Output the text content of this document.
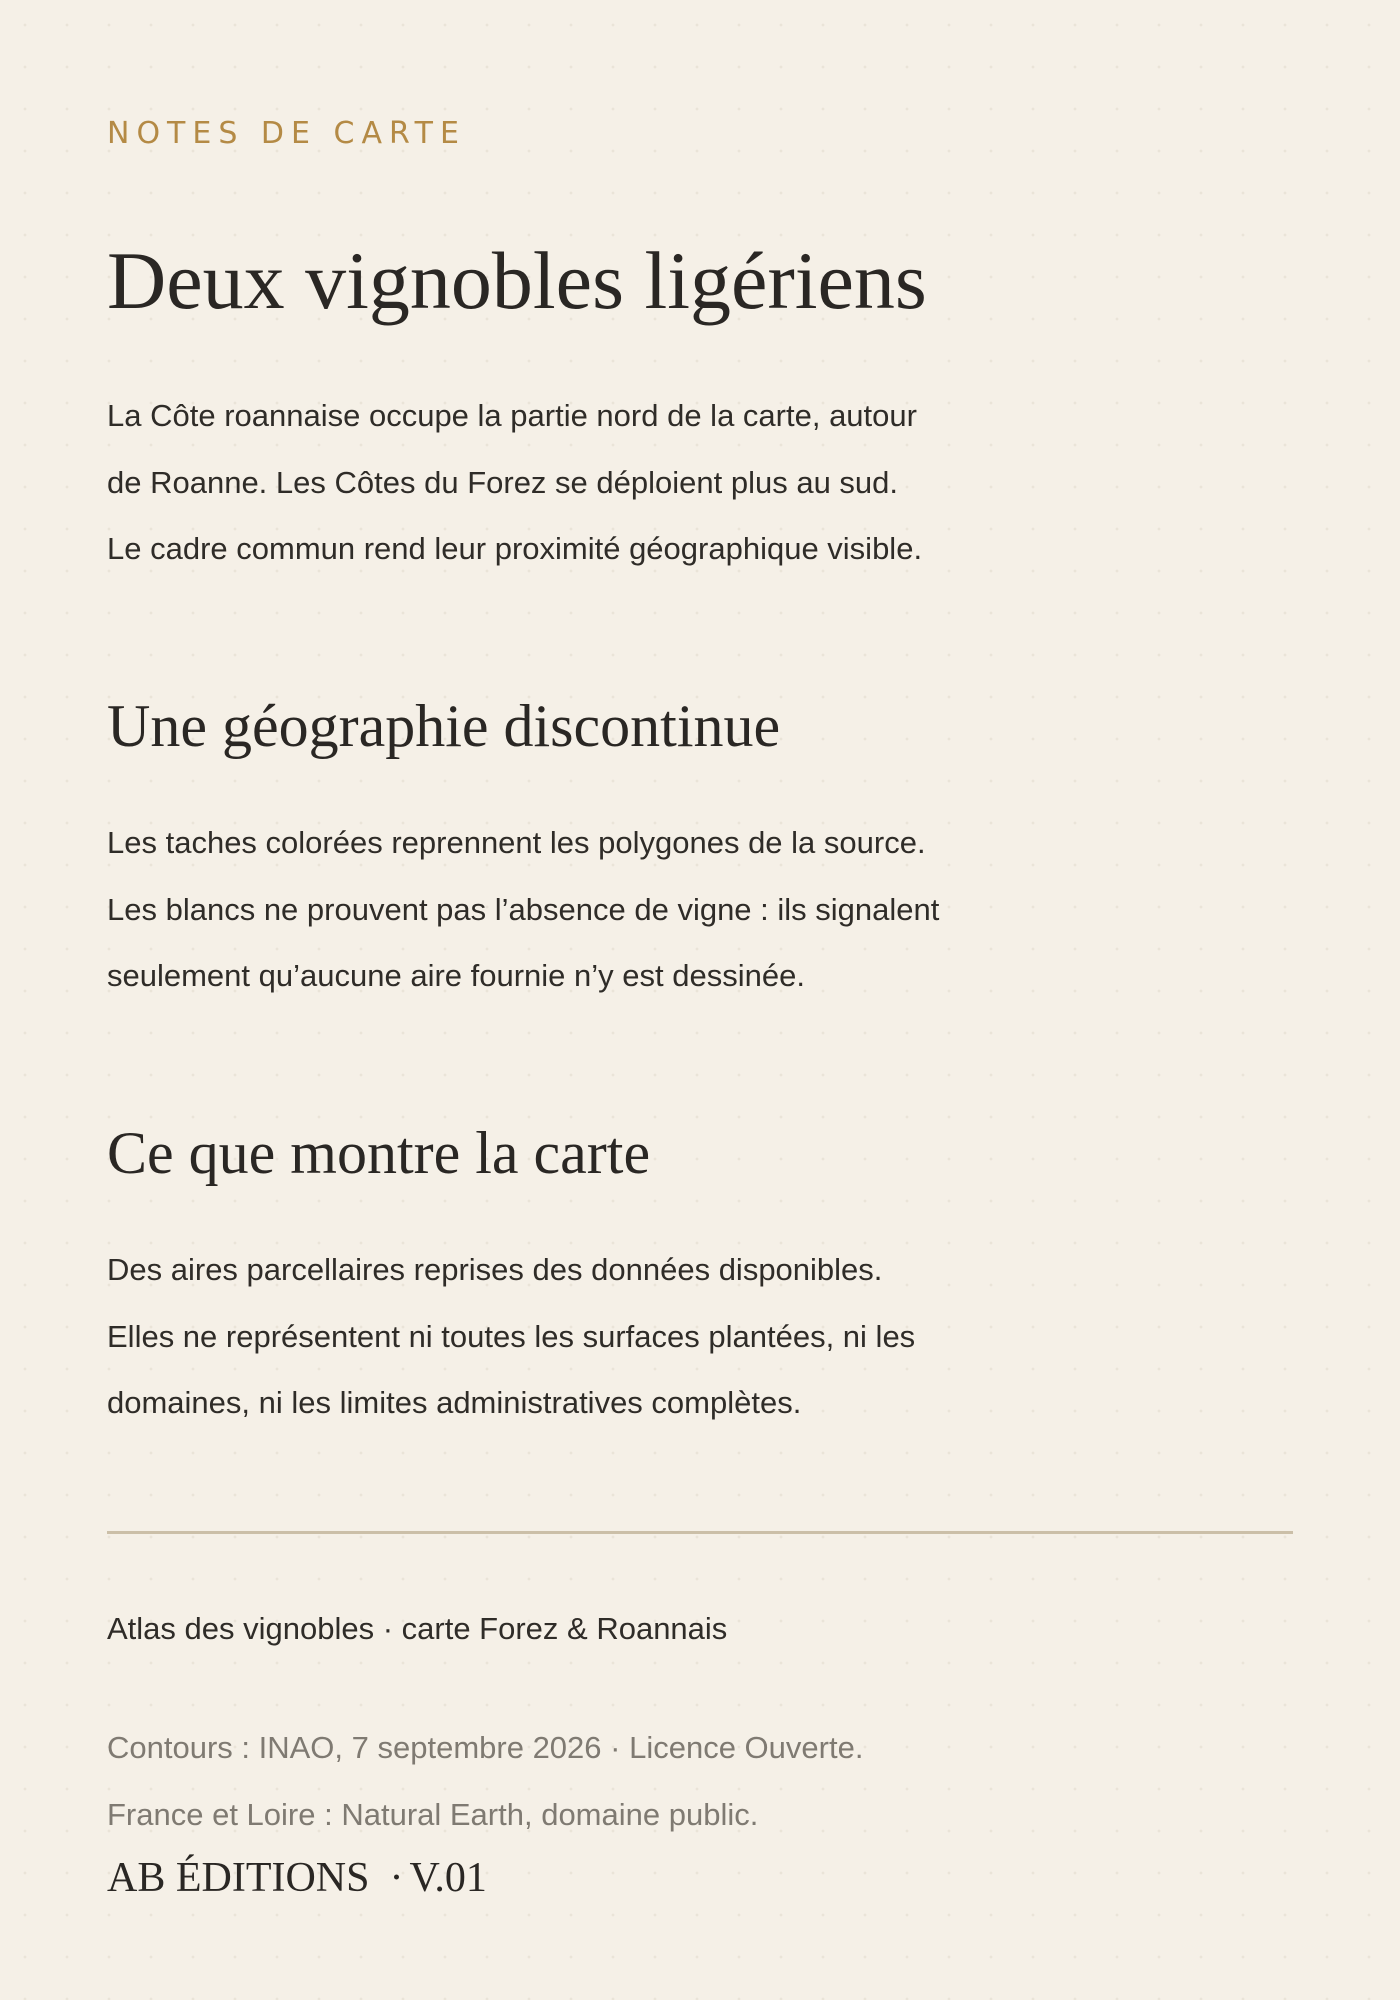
NOTES DE CARTE

Deux vignobles ligériens

La Côte roannaise occupe la partie nord de la carte, autour
de Roanne. Les Côtes du Forez se déploient plus au sud.
Le cadre commun rend leur proximité géographique visible.

Une géographie discontinue

Les taches colorées reprennent les polygones de la source.
Les blancs ne prouvent pas l’absence de vigne : ils signalent
seulement qu’aucune aire fournie n’y est dessinée.

Ce que montre la carte

Des aires parcellaires reprises des données disponibles.
Elles ne représentent ni toutes les surfaces plantées, ni les
domaines, ni les limites administratives complètes.

Atlas des vignobles · carte Forez & Roannais

Contours : INAO, 7 septembre 2026 · Licence Ouverte.
France et Loire : Natural Earth, domaine public.

AB ÉDITIONS · V.01
